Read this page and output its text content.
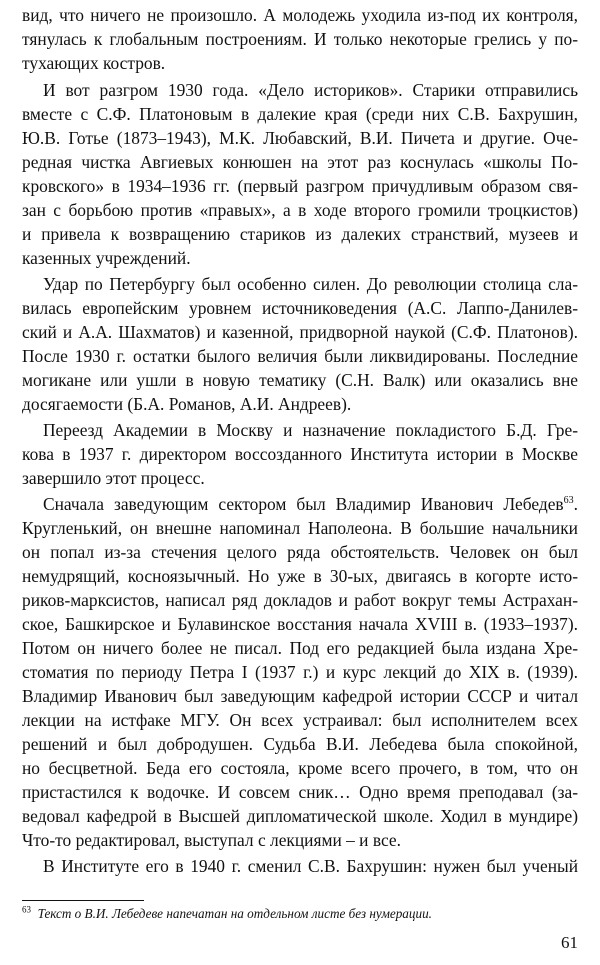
вид, что ничего не произошло. А молодежь уходила из-под их контроля,
тянулась к глобальным построениям. И только некоторые грелись у по-
тухающих костров.
И вот разгром 1930 года. «Дело историков». Старики отправились
вместе с С.Ф. Платоновым в далекие края (среди них С.В. Бахрушин,
Ю.В. Готье (1873–1943), М.К. Любавский, В.И. Пичета и другие. Оче-
редная чистка Авгиевых конюшен на этот раз коснулась «школы По-
кровского» в 1934–1936 гг. (первый разгром причудливым образом свя-
зан с борьбою против «правых», а в ходе второго громили троцкистов)
и привела к возвращению стариков из далеких странствий, музеев и
казенных учреждений.
Удар по Петербургу был особенно силен. До революции столица сла-
вилась европейским уровнем источниковедения (А.С. Лаппо-Данилев-
ский и А.А. Шахматов) и казенной, придворной наукой (С.Ф. Платонов).
После 1930 г. остатки былого величия были ликвидированы. Последние
могикане или ушли в новую тематику (С.Н. Валк) или оказались вне
досягаемости (Б.А. Романов, А.И. Андреев).
Переезд Академии в Москву и назначение покладистого Б.Д. Гре-
кова в 1937 г. директором воссозданного Института истории в Москве
завершило этот процесс.
Сначала заведующим сектором был Владимир Иванович Лебедев$^{63}$.
Кругленький, он внешне напоминал Наполеона. В большие начальники
он попал из-за стечения целого ряда обстоятельств. Человек он был
немудрящий, косноязычный. Но уже в 30-ых, двигаясь в когорте исто-
риков-марксистов, написал ряд докладов и работ вокруг темы Астрахан-
ское, Башкирское и Булавинское восстания начала XVIII в. (1933–1937).
Потом он ничего более не писал. Под его редакцией была издана Хре-
стоматия по периоду Петра I (1937 г.) и курс лекций до XIX в. (1939).
Владимир Иванович был заведующим кафедрой истории СССР и читал
лекции на истфаке МГУ. Он всех устраивал: был исполнителем всех
решений и был добродушен. Судьба В.И. Лебедева была спокойной,
но бесцветной. Беда его состояла, кроме всего прочего, в том, что он
пристастился к водочке. И совсем сник… Одно время преподавал (за-
ведовал кафедрой в Высшей дипломатической школе. Ходил в мундире)
Что-то редактировал, выступал с лекциями – и все.
В Институте его в 1940 г. сменил С.В. Бахрушин: нужен был ученый
$^{63}$ Текст о В.И. Лебедеве напечатан на отдельном листе без нумерации.
61
